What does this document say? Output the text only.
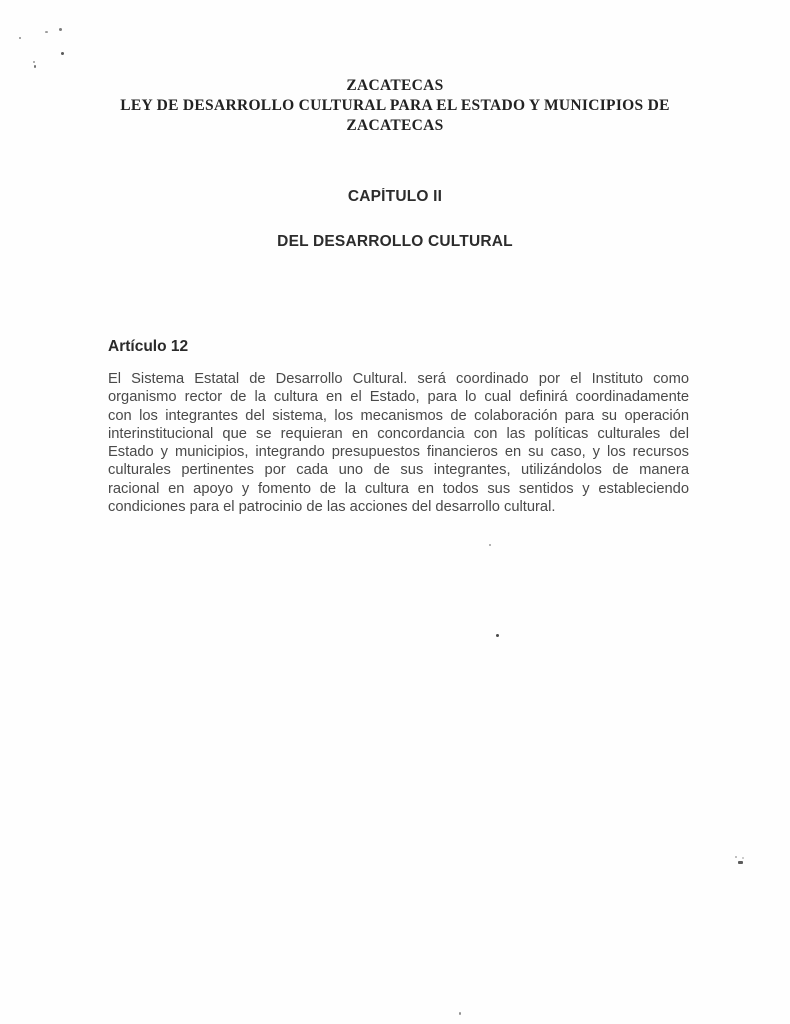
ZACATECAS
LEY DE DESARROLLO CULTURAL PARA EL ESTADO Y MUNICIPIOS DE
ZACATECAS
CAPÍTULO II
DEL DESARROLLO CULTURAL
Artículo 12
El Sistema Estatal de Desarrollo Cultural. será coordinado por el Instituto como
organismo rector de la cultura en el Estado, para lo cual definirá coordinadamente
con los integrantes del sistema, los mecanismos de colaboración para su operación
interinstitucional que se requieran en concordancia con las políticas culturales del
Estado y municipios, integrando presupuestos financieros en su caso, y los recursos
culturales pertinentes por cada uno de sus integrantes, utilizándolos de manera
racional en apoyo y fomento de la cultura en todos sus sentidos y estableciendo
condiciones para el patrocinio de las acciones del desarrollo cultural.
